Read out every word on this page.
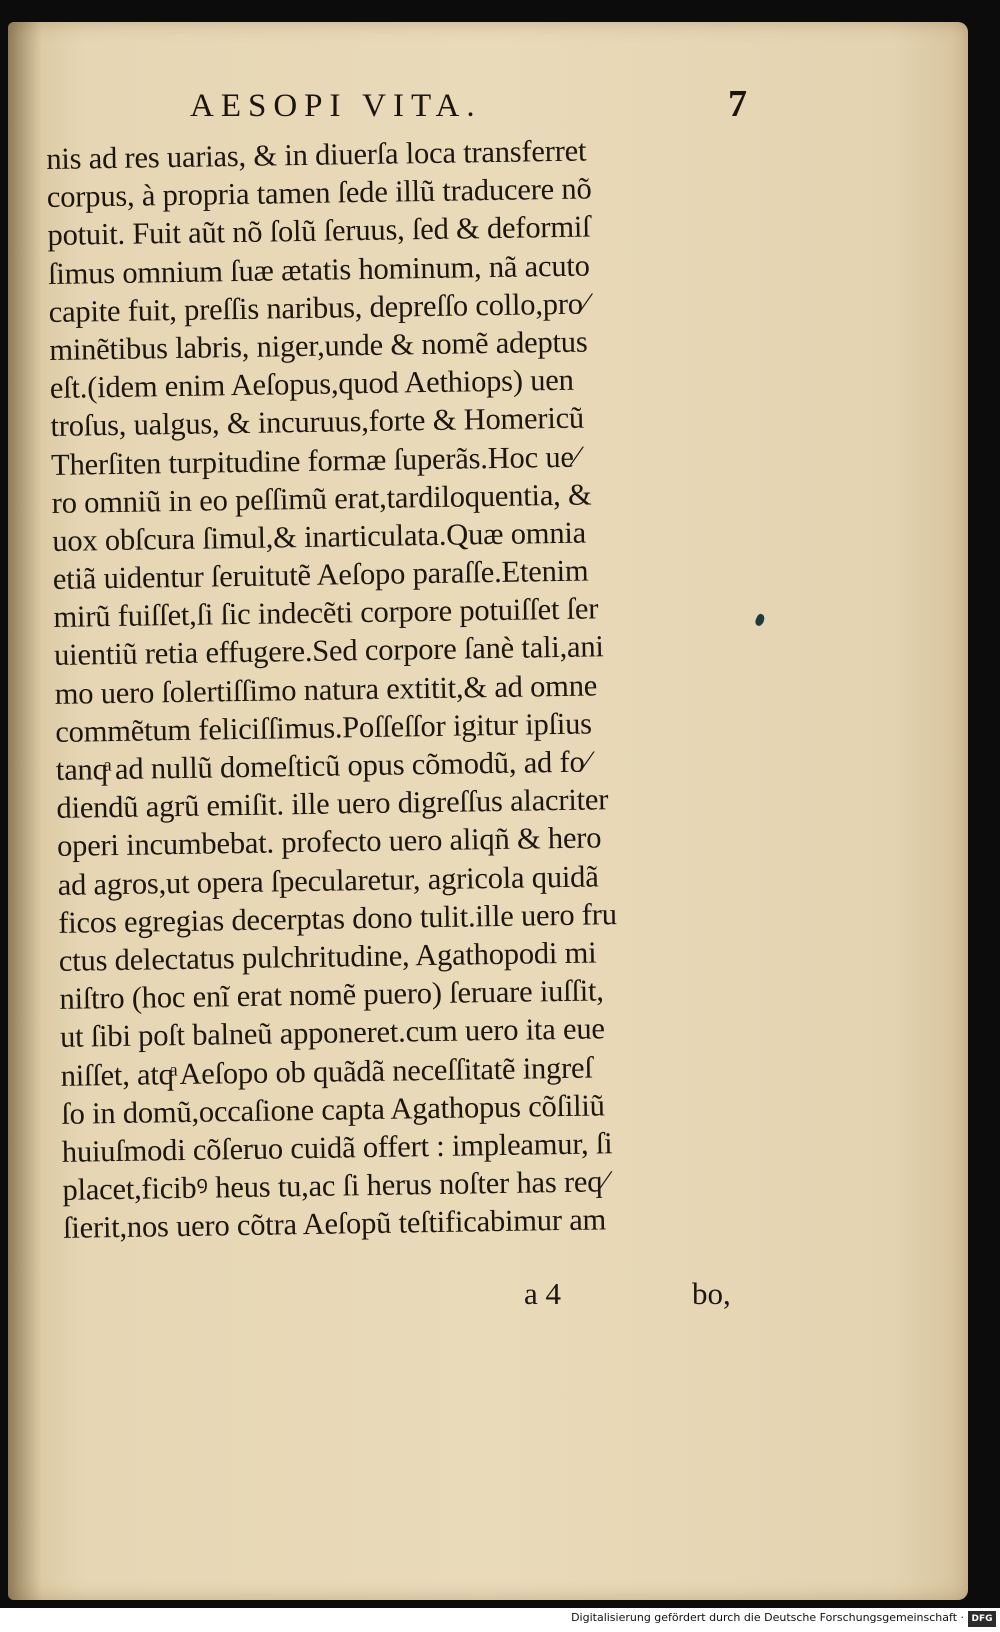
AESOPI VITA.	7
nis ad res uarias, & in diuerſa loca transferret
corpus, à propria tamen ſede illũ traducere nõ
potuit. Fuit aũt nõ ſolũ ſeruus, ſed & deformiſ
ſimus omnium ſuæ ætatis hominum, nã acuto
capite fuit, preſſis naribus, depreſſo collo,pro⁄
minẽtibus labris, niger,unde & nomẽ adeptus
eſt.(idem enim Aeſopus,quod Aethiops) uen
troſus, ualgus, & incuruus,forte & Homericũ
Therſiten turpitudine formæ ſuperãs.Hoc ue⁄
ro omniũ in eo peſſimũ erat,tardiloquentia, &
uox obſcura ſimul,& inarticulata.Quæ omnia
etiã uidentur ſeruitutẽ Aeſopo paraſſe.Etenim
mirũ fuiſſet,ſi ſic indecẽti corpore potuiſſet ſer
uientiũ retia effugere.Sed corpore ſanè tali,ani
mo uero ſolertiſſimo natura extitit,& ad omne
commẽtum feliciſſimus.Poſſeſſor igitur ipſius
tanqͣ ad nullũ domeſticũ opus cõmodũ, ad fo⁄
diendũ agrũ emiſit. ille uero digreſſus alacriter
operi incumbebat. profecto uero aliqñ & hero
ad agros,ut opera ſpecularetur, agricola quidã
ficos egregias decerptas dono tulit.ille uero fru
ctus delectatus pulchritudine, Agathopodi mi
niſtro (hoc enĩ erat nomẽ puero) ſeruare iuſſit,
ut ſibi poſt balneũ apponeret.cum uero ita eue
niſſet, atqͣ Aeſopo ob quãdã neceſſitatẽ ingreſ
ſo in domũ,occaſione capta Agathopus cõſiliũ
huiuſmodi cõſeruo cuidã offert : impleamur, ſi
placet,ficibꝰ heus tu,ac ſi herus noſter has req⁄
ſierit,nos uero cõtra Aeſopũ teſtificabimur am
a 4	bo,
Digitalisierung gefördert durch die Deutsche Forschungsgemeinschaft · DFG
